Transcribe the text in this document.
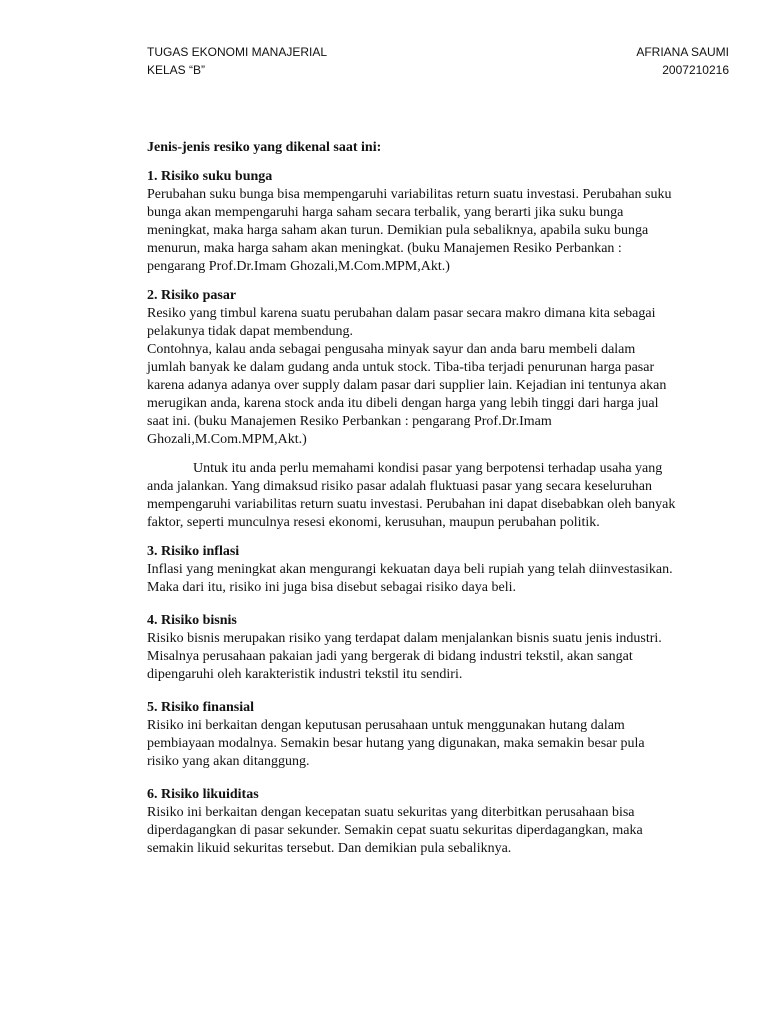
TUGAS EKONOMI MANAJERIAL	AFRIANA SAUMI
KELAS “B”	2007210216

Jenis-jenis resiko yang dikenal saat ini:

1. Risiko suku bunga

Perubahan suku bunga bisa mempengaruhi variabilitas return suatu investasi. Perubahan suku bunga akan mempengaruhi harga saham secara terbalik, yang berarti jika suku bunga meningkat, maka harga saham akan turun. Demikian pula sebaliknya, apabila suku bunga menurun, maka harga saham akan meningkat. (buku Manajemen Resiko Perbankan : pengarang Prof.Dr.Imam Ghozali,M.Com.MPM,Akt.)

2. Risiko pasar

Resiko yang timbul karena suatu perubahan dalam pasar secara makro dimana kita sebagai pelakunya tidak dapat membendung.

Contohnya, kalau anda sebagai pengusaha minyak sayur dan anda baru membeli dalam jumlah banyak ke dalam gudang anda untuk stock. Tiba-tiba terjadi penurunan harga pasar karena adanya adanya over supply dalam pasar dari supplier lain. Kejadian ini tentunya akan merugikan anda, karena stock anda itu dibeli dengan harga yang lebih tinggi dari harga jual saat ini. (buku Manajemen Resiko Perbankan : pengarang Prof.Dr.Imam Ghozali,M.Com.MPM,Akt.)

Untuk itu anda perlu memahami kondisi pasar yang berpotensi terhadap usaha yang anda jalankan. Yang dimaksud risiko pasar adalah fluktuasi pasar yang secara keseluruhan mempengaruhi variabilitas return suatu investasi. Perubahan ini dapat disebabkan oleh banyak faktor, seperti munculnya resesi ekonomi, kerusuhan, maupun perubahan politik.

3. Risiko inflasi

Inflasi yang meningkat akan mengurangi kekuatan daya beli rupiah yang telah diinvestasikan. Maka dari itu, risiko ini juga bisa disebut sebagai risiko daya beli.

4. Risiko bisnis

Risiko bisnis merupakan risiko yang terdapat dalam menjalankan bisnis suatu jenis industri. Misalnya perusahaan pakaian jadi yang bergerak di bidang industri tekstil, akan sangat dipengaruhi oleh karakteristik industri tekstil itu sendiri.

5. Risiko finansial

Risiko ini berkaitan dengan keputusan perusahaan untuk menggunakan hutang dalam pembiayaan modalnya. Semakin besar hutang yang digunakan, maka semakin besar pula risiko yang akan ditanggung.

6. Risiko likuiditas

Risiko ini berkaitan dengan kecepatan suatu sekuritas yang diterbitkan perusahaan bisa diperdagangkan di pasar sekunder. Semakin cepat suatu sekuritas diperdagangkan, maka semakin likuid sekuritas tersebut. Dan demikian pula sebaliknya.
